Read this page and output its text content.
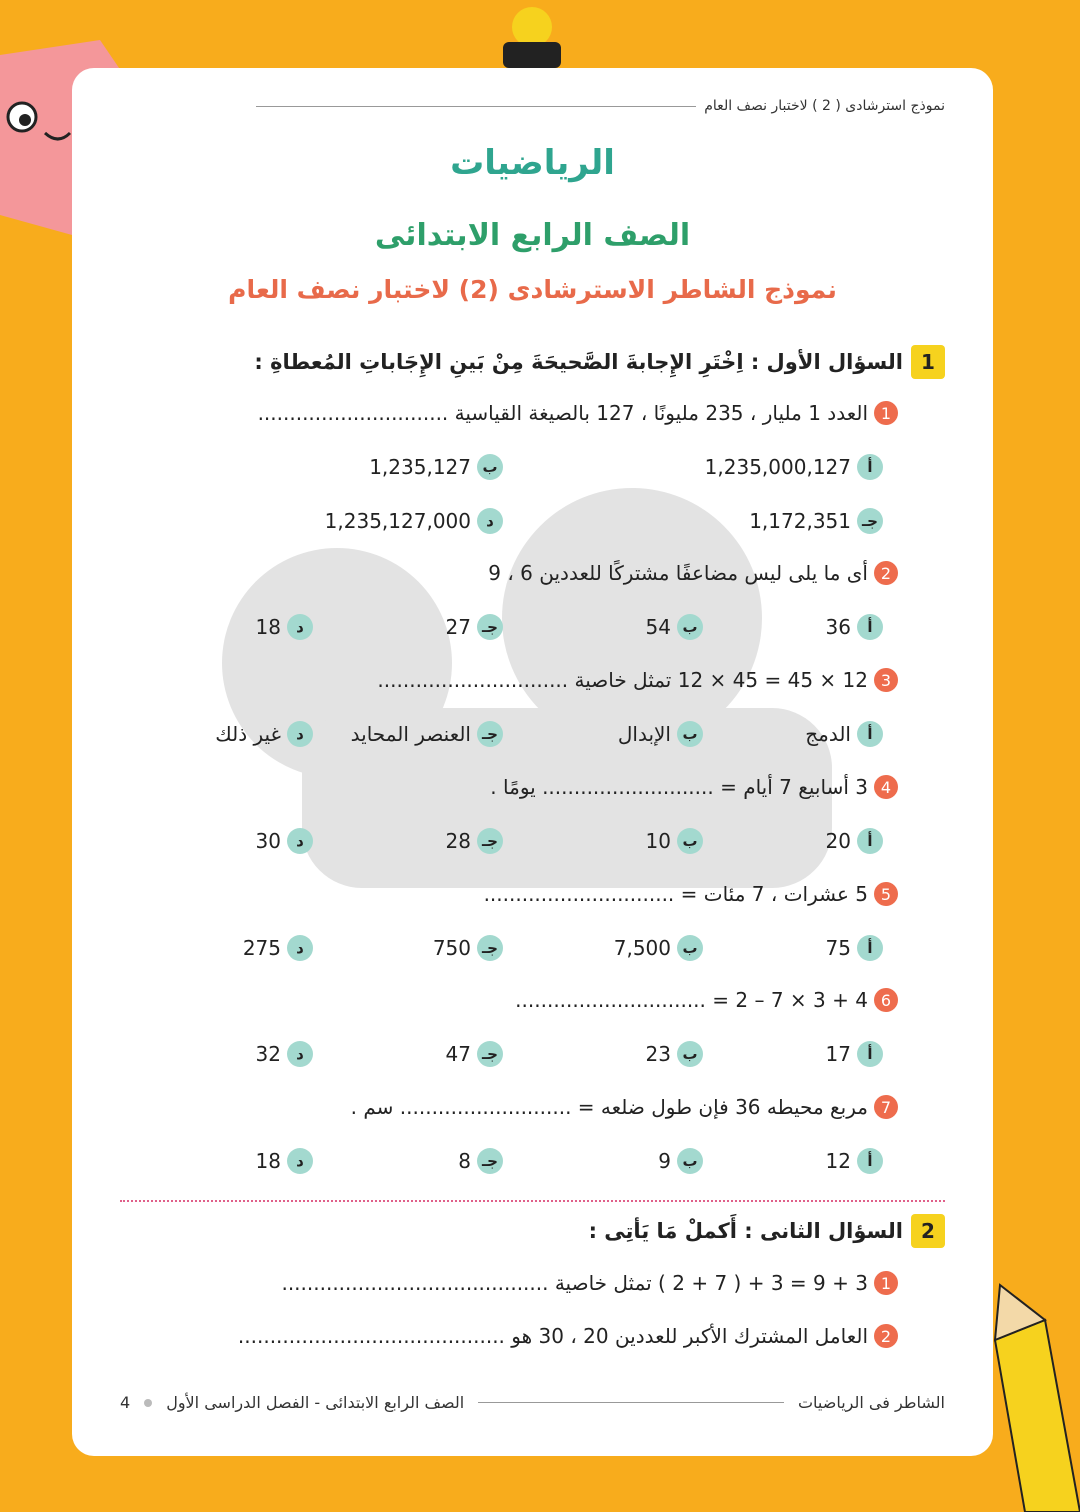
نموذج استرشادى ( 2 ) لاختبار نصف العام
الرياضيات
الصف الرابع الابتدائى
نموذج الشاطر الاسترشادى (2) لاختبار نصف العام
1
السؤال الأول : اِخْتَرِ الإِجابةَ الصَّحيحَةَ مِنْ بَينِ الإِجَاباتِ المُعطاةِ :
1
العدد 1 مليار ، 235 مليونًا ، 127 بالصيغة القياسية ..............................
أ
1,235,000,127
ب
1,235,127
جـ
1,172,351
د
1,235,127,000
2
أى ما يلى ليس مضاعفًا مشتركًا للعددين 6 ، 9
أ
36
ب
54
جـ
27
د
18
3
12 × 45 = 45 × 12 تمثل خاصية ..............................
أ
الدمج
ب
الإبدال
جـ
العنصر المحايد
د
غير ذلك
4
3 أسابيع 7 أيام = ........................... يومًا .
أ
20
ب
10
جـ
28
د
30
5
5 عشرات ، 7 مئات = ..............................
أ
75
ب
7,500
جـ
750
د
275
6
4 + 3 × 7 – 2 = ..............................
أ
17
ب
23
جـ
47
د
32
7
مربع محيطه 36 فإن طول ضلعه = ........................... سم .
أ
12
ب
9
جـ
8
د
18
2
السؤال الثانى : أَكملْ مَا يَأتِى :
1
3 + 9 = 3 + ( 7 + 2 ) تمثل خاصية ..........................................
2
العامل المشترك الأكبر للعددين 20 ، 30 هو ..........................................
الشاطر فى الرياضيات
الصف الرابع الابتدائى - الفصل الدراسى الأول
4
